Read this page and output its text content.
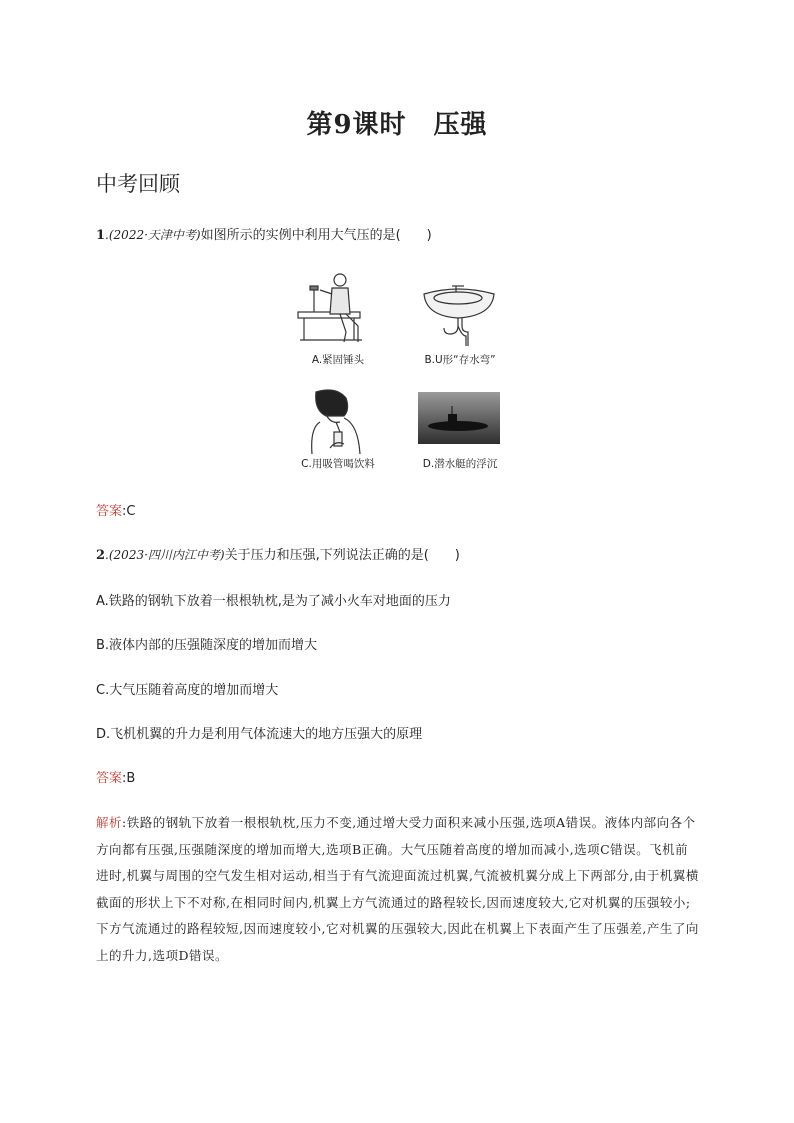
第9课时　压强
中考回顾
1.(2022·天津中考)如图所示的实例中利用大气压的是(　　)
A.紧固锤头	B.U形“存水弯”
C.用吸管喝饮料	D.潜水艇的浮沉
答案:C
2.(2023·四川内江中考)关于压力和压强,下列说法正确的是(　　)
A.铁路的钢轨下放着一根根轨枕,是为了减小火车对地面的压力
B.液体内部的压强随深度的增加而增大
C.大气压随着高度的增加而增大
D.飞机机翼的升力是利用气体流速大的地方压强大的原理
答案:B
解析:铁路的钢轨下放着一根根轨枕,压力不变,通过增大受力面积来减小压强,选项A错误。液体内部向各个方向都有压强,压强随深度的增加而增大,选项B正确。大气压随着高度的增加而减小,选项C错误。飞机前进时,机翼与周围的空气发生相对运动,相当于有气流迎面流过机翼,气流被机翼分成上下两部分,由于机翼横截面的形状上下不对称,在相同时间内,机翼上方气流通过的路程较长,因而速度较大,它对机翼的压强较小;下方气流通过的路程较短,因而速度较小,它对机翼的压强较大,因此在机翼上下表面产生了压强差,产生了向上的升力,选项D错误。
